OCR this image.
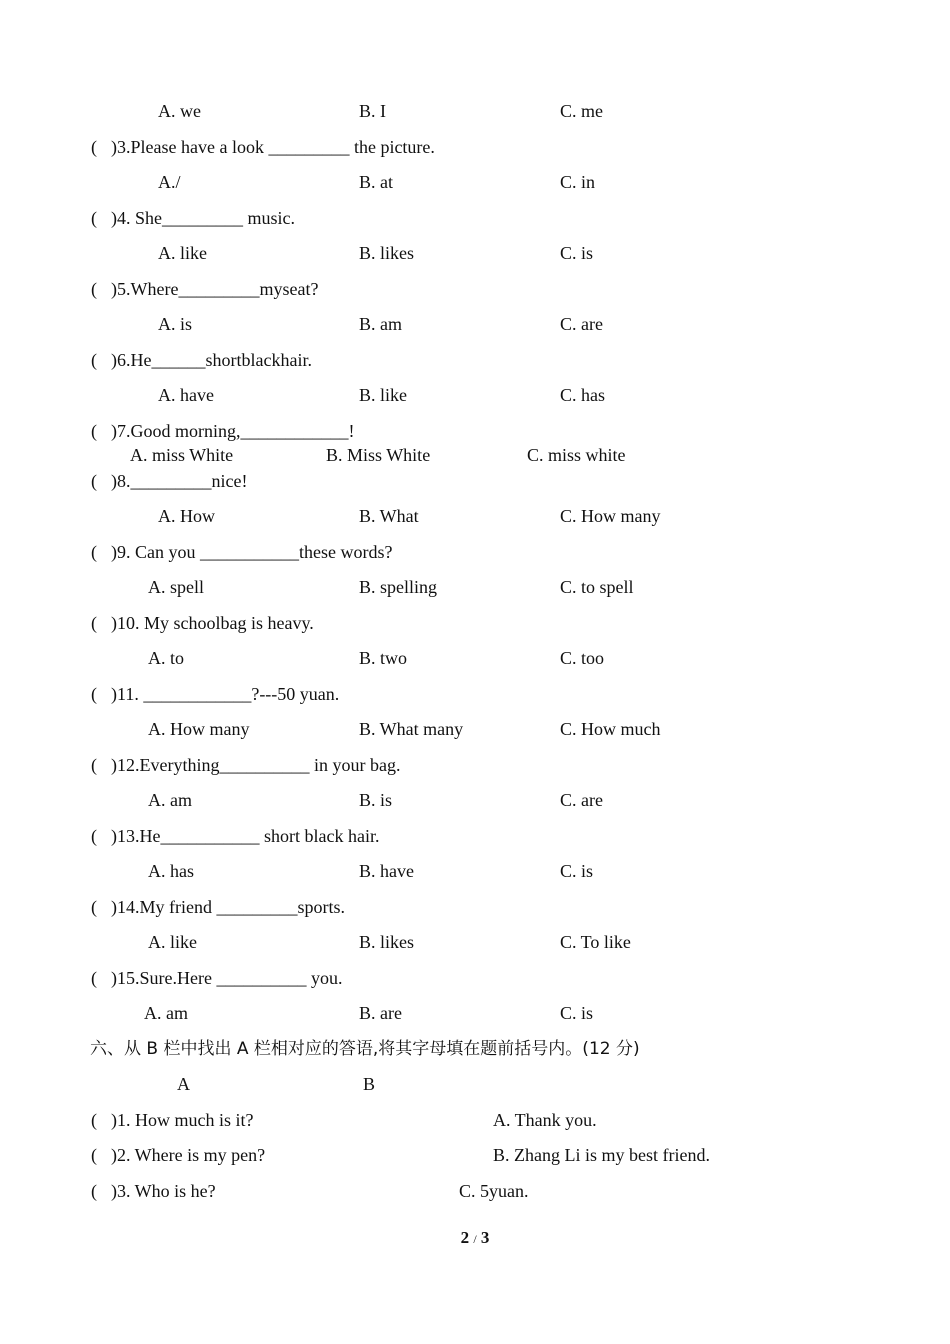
A. we	B. I	C. me
( )3.Please have a look _________ the picture.
A./	B. at	C. in
( )4. She_________ music.
A. like	B. likes	C. is
( )5.Where_________myseat?
A. is	B. am	C. are
( )6.He______shortblackhair.
A. have	B. like	C. has
( )7.Good morning,____________!
A. miss White	B. Miss White	C. miss white
( )8._________nice!
A. How	B. What	C. How many
( )9. Can you ___________these words?
A. spell	B. spelling	C. to spell
( )10. My schoolbag is heavy.
A. to	B. two	C. too
( )11. ____________?---50 yuan.
A. How many	B. What many	C. How much
( )12.Everything__________ in your bag.
A. am	B. is	C. are
( )13.He___________ short black hair.
A. has	B. have	C. is
( )14.My friend _________sports.
A. like	B. likes	C. To like
( )15.Sure.Here __________ you.
A. am	B. are	C. is
六、从 B 栏中找出 A 栏相对应的答语,将其字母填在题前括号内。(12 分)
A	B
( )1. How much is it?	A. Thank you.
( )2. Where is my pen?	B. Zhang Li is my best friend.
( )3. Who is he?	C. 5yuan.
2 / 3
